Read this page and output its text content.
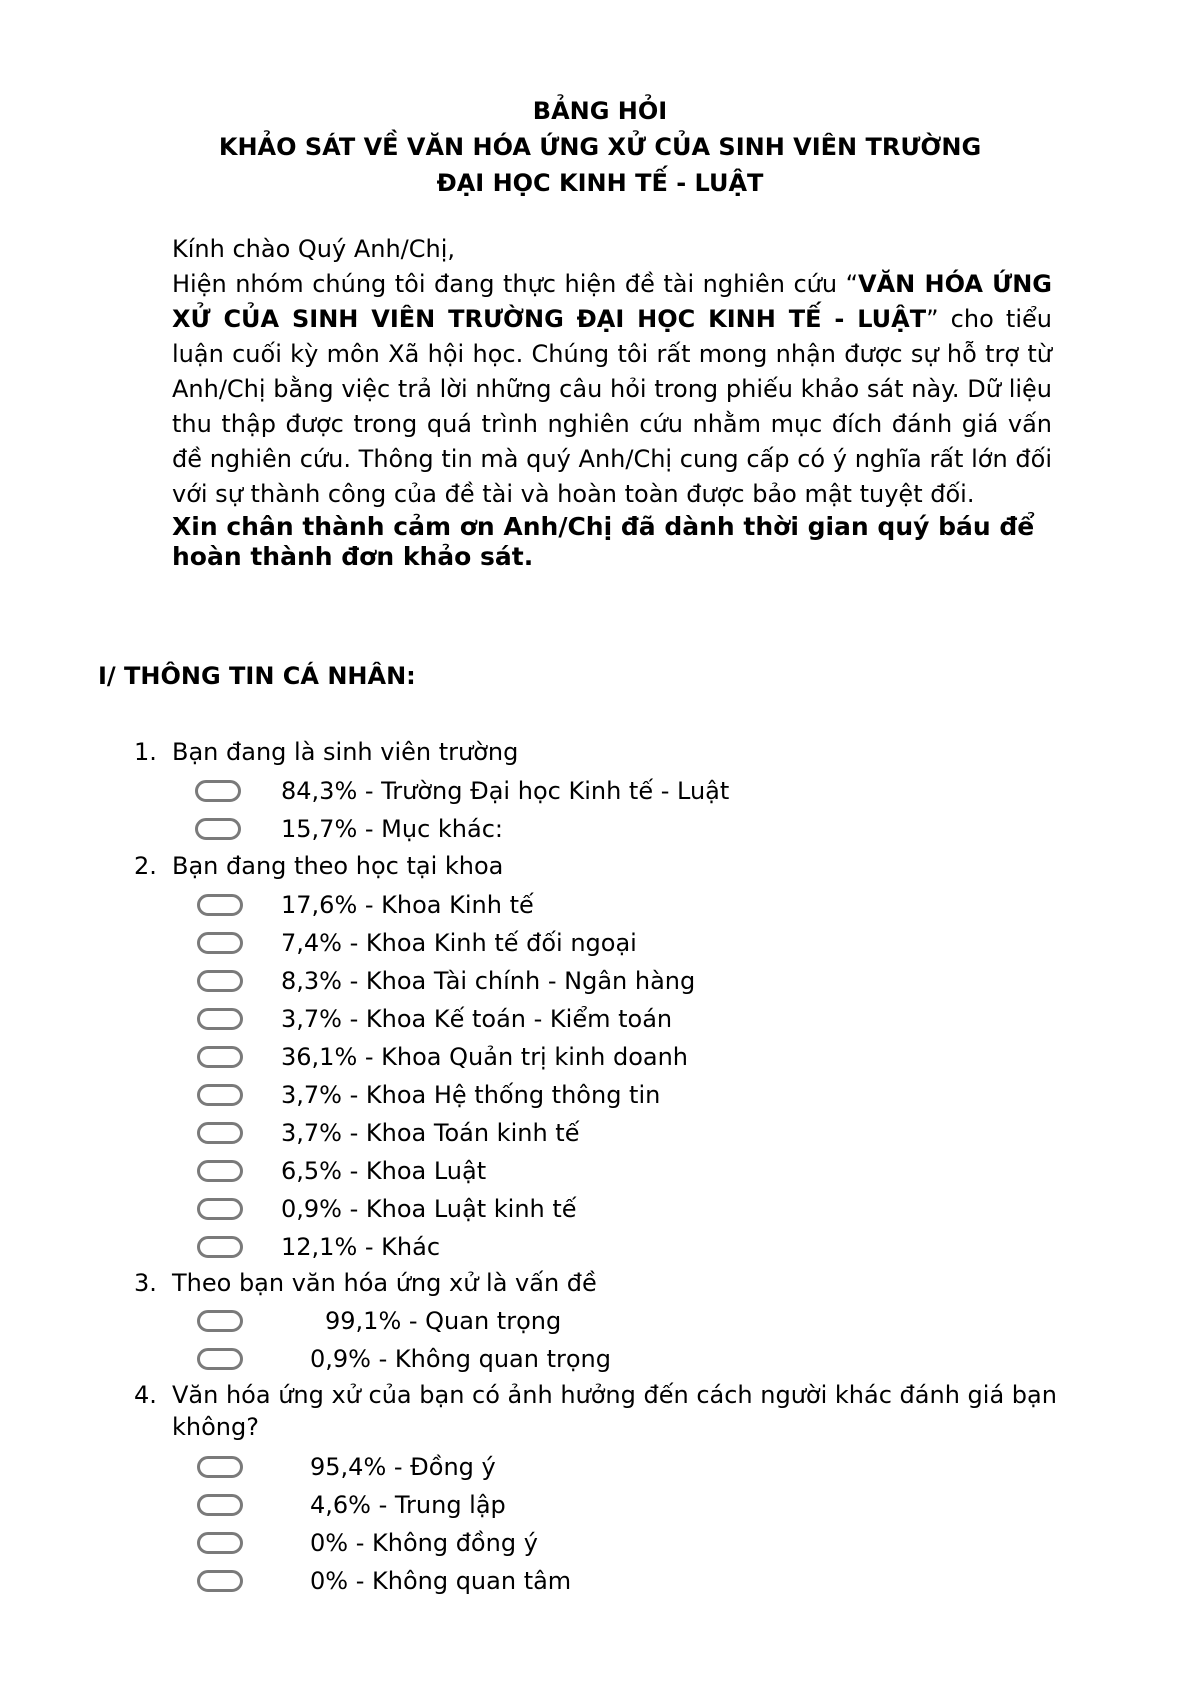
BẢNG HỎI
KHẢO SÁT VỀ VĂN HÓA ỨNG XỬ CỦA SINH VIÊN TRƯỜNG
ĐẠI HỌC KINH TẾ - LUẬT

Kính chào Quý Anh/Chị,

Hiện nhóm chúng tôi đang thực hiện đề tài nghiên cứu “VĂN HÓA ỨNG XỬ CỦA SINH VIÊN TRƯỜNG ĐẠI HỌC KINH TẾ - LUẬT” cho tiểu luận cuối kỳ môn Xã hội học. Chúng tôi rất mong nhận được sự hỗ trợ từ Anh/Chị bằng việc trả lời những câu hỏi trong phiếu khảo sát này. Dữ liệu thu thập được trong quá trình nghiên cứu nhằm mục đích đánh giá vấn đề nghiên cứu. Thông tin mà quý Anh/Chị cung cấp có ý nghĩa rất lớn đối với sự thành công của đề tài và hoàn toàn được bảo mật tuyệt đối.

Xin chân thành cảm ơn Anh/Chị đã dành thời gian quý báu để hoàn thành đơn khảo sát.

I/ THÔNG TIN CÁ NHÂN:
1. Bạn đang là sinh viên trường
84,3% - Trường Đại học Kinh tế - Luật
15,7% - Mục khác:
2. Bạn đang theo học tại khoa
17,6% - Khoa Kinh tế
7,4% - Khoa Kinh tế đối ngoại
8,3% - Khoa Tài chính - Ngân hàng
3,7% - Khoa Kế toán - Kiểm toán
36,1% - Khoa Quản trị kinh doanh
3,7% - Khoa Hệ thống thông tin
3,7% - Khoa Toán kinh tế
6,5% - Khoa Luật
0,9% - Khoa Luật kinh tế
12,1% - Khác
3. Theo bạn văn hóa ứng xử là vấn đề
99,1% - Quan trọng
0,9% - Không quan trọng
4. Văn hóa ứng xử của bạn có ảnh hưởng đến cách người khác đánh giá bạn không?
95,4% - Đồng ý
4,6% - Trung lập
0% - Không đồng ý
0% - Không quan tâm
